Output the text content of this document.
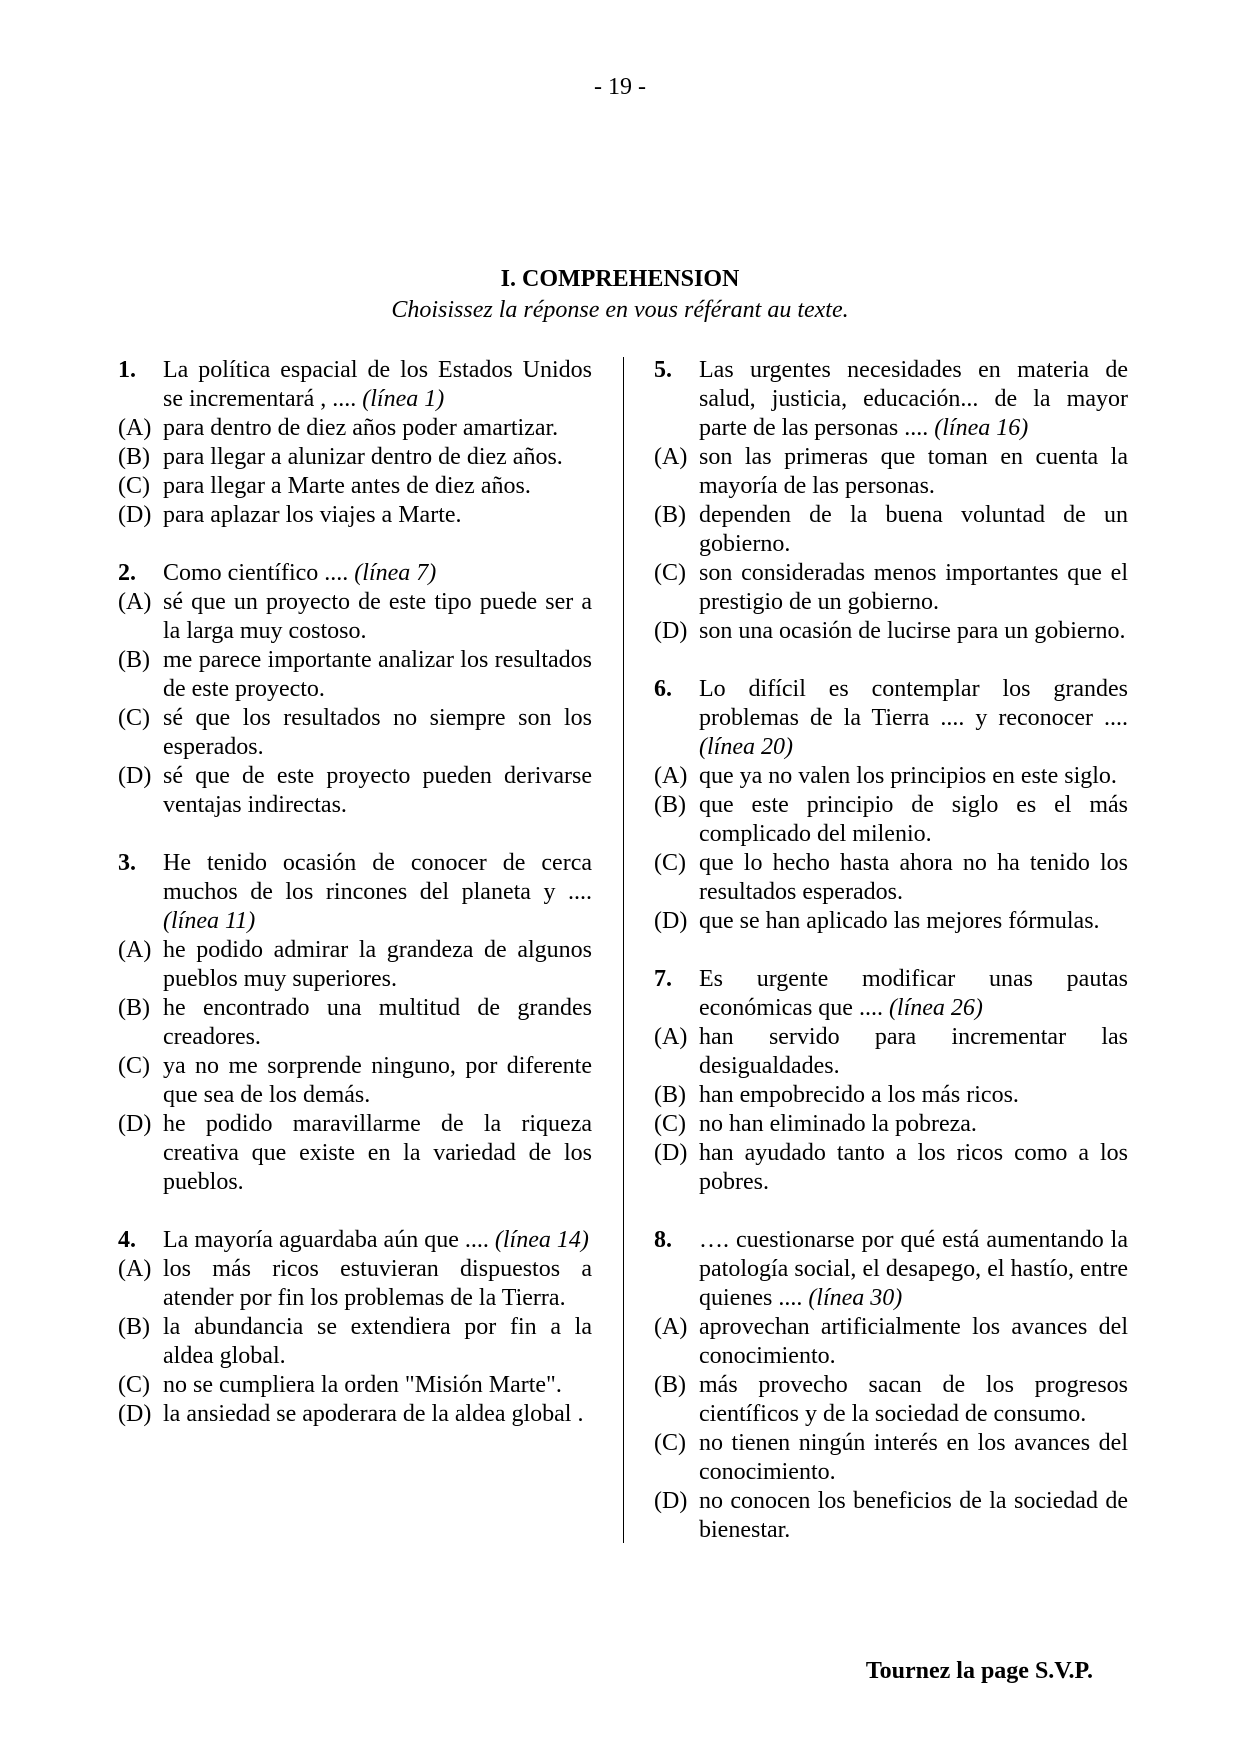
- 19 -
I. COMPREHENSION
Choisissez la réponse en vous référant au texte.
1.	La política espacial de los Estados Unidos se incrementará , .... (línea 1)
(A) para dentro de diez años poder amartizar.
(B) para llegar a alunizar dentro de diez años.
(C) para llegar a Marte antes de diez años.
(D) para aplazar los viajes a Marte.
2.	Como científico .... (línea 7)
(A) sé que un proyecto de este tipo puede ser a la larga muy costoso.
(B) me parece importante analizar los resultados de este proyecto.
(C) sé que los resultados no siempre son los esperados.
(D) sé que de este proyecto pueden derivarse ventajas indirectas.
3.	He tenido ocasión de conocer de cerca muchos de los rincones del planeta y .... (línea 11)
(A) he podido admirar la grandeza de algunos pueblos muy superiores.
(B) he encontrado una multitud de grandes creadores.
(C) ya no me sorprende ninguno, por diferente que sea de los demás.
(D) he podido maravillarme de la riqueza creativa que existe en la variedad de los pueblos.
4.	La mayoría aguardaba aún que .... (línea 14)
(A) los más ricos estuvieran dispuestos a atender por fin los problemas de la Tierra.
(B) la abundancia se extendiera por fin a la aldea global.
(C) no se cumpliera la orden "Misión Marte".
(D) la ansiedad se apoderara de la aldea global .
5.	Las urgentes necesidades en materia de salud, justicia, educación... de la mayor parte de las personas .... (línea 16)
(A) son las primeras que toman en cuenta la mayoría de las personas.
(B) dependen de la buena voluntad de un gobierno.
(C) son consideradas menos importantes que el prestigio de un gobierno.
(D) son una ocasión de lucirse para un gobierno.
6.	Lo difícil es contemplar los grandes problemas de la Tierra .... y reconocer .... (línea 20)
(A) que ya no valen los principios en este siglo.
(B) que este principio de siglo es el más complicado del milenio.
(C) que lo hecho hasta ahora no ha tenido los resultados esperados.
(D) que se han aplicado las mejores fórmulas.
7.	Es urgente modificar unas pautas económicas que .... (línea 26)
(A) han servido para incrementar las desigualdades.
(B) han empobrecido a los más ricos.
(C) no han eliminado la pobreza.
(D) han ayudado tanto a los ricos como a los pobres.
8.	…. cuestionarse por qué está aumentando la patología social, el desapego, el hastío, entre quienes .... (línea 30)
(A) aprovechan artificialmente los avances del conocimiento.
(B) más provecho sacan de los progresos científicos y de la sociedad de consumo.
(C) no tienen ningún interés en los avances del conocimiento.
(D) no conocen los beneficios de la sociedad de bienestar.
Tournez la page S.V.P.
